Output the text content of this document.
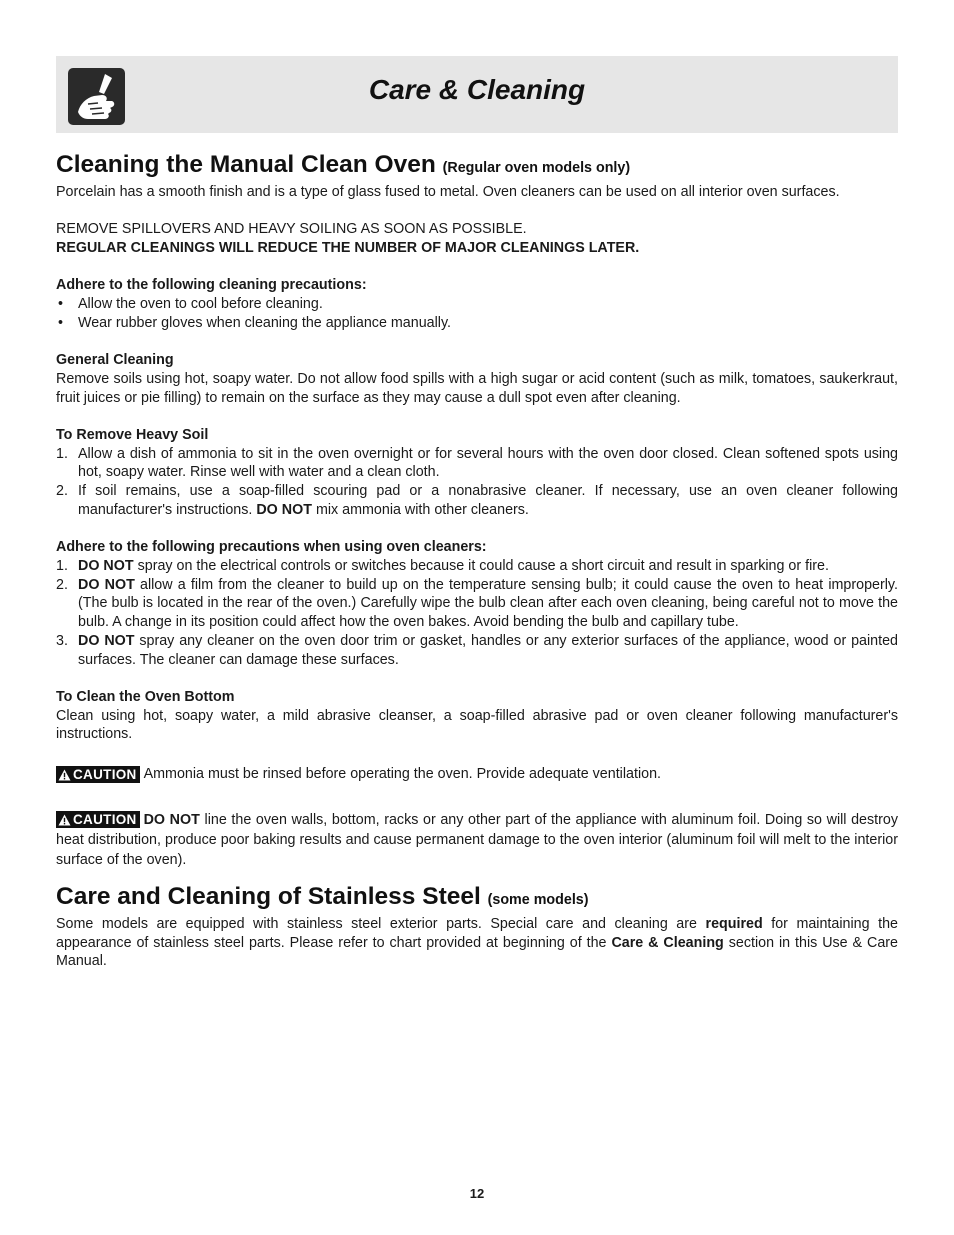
Care & Cleaning
Cleaning the Manual Clean Oven (Regular oven models only)

Porcelain has a smooth finish and is a type of glass fused to metal. Oven cleaners can be used on all interior oven surfaces.

REMOVE SPILLOVERS AND HEAVY SOILING AS SOON AS POSSIBLE.

REGULAR CLEANINGS WILL REDUCE THE NUMBER OF MAJOR CLEANINGS LATER.

Adhere to the following cleaning precautions:

• Allow the oven to cool before cleaning.
• Wear rubber gloves when cleaning the appliance manually.

General Cleaning

Remove soils using hot, soapy water. Do not allow food spills with a high sugar or acid content (such as milk, tomatoes, saukerkraut, fruit juices or pie filling) to remain on the surface as they may cause a dull spot even after cleaning.

To Remove Heavy Soil

1. Allow a dish of ammonia to sit in the oven overnight or for several hours with the oven door closed. Clean softened spots using hot, soapy water. Rinse well with water and a clean cloth.
2. If soil remains, use a soap-filled scouring pad or a nonabrasive cleaner. If necessary, use an oven cleaner following manufacturer's instructions. DO NOT mix ammonia with other cleaners.

Adhere to the following precautions when using oven cleaners:

1. DO NOT spray on the electrical controls or switches because it could cause a short circuit and result in sparking or fire.
2. DO NOT allow a film from the cleaner to build up on the temperature sensing bulb; it could cause the oven to heat improperly. (The bulb is located in the rear of the oven.) Carefully wipe the bulb clean after each oven cleaning, being careful not to move the bulb. A change in its position could affect how the oven bakes. Avoid bending the bulb and capillary tube.
3. DO NOT spray any cleaner on the oven door trim or gasket, handles or any exterior surfaces of the appliance, wood or painted surfaces. The cleaner can damage these surfaces.

To Clean the Oven Bottom

Clean using hot, soapy water, a mild abrasive cleanser, a soap-filled abrasive pad or oven cleaner following manufacturer's instructions.

CAUTION Ammonia must be rinsed before operating the oven. Provide adequate ventilation.

CAUTION DO NOT line the oven walls, bottom, racks or any other part of the appliance with aluminum foil. Doing so will destroy heat distribution, produce poor baking results and cause permanent damage to the oven interior (aluminum foil will melt to the interior surface of the oven).

Care and Cleaning of Stainless Steel (some models)

Some models are equipped with stainless steel exterior parts. Special care and cleaning are required for maintaining the appearance of stainless steel parts. Please refer to chart provided at beginning of the Care & Cleaning section in this Use & Care Manual.

12
